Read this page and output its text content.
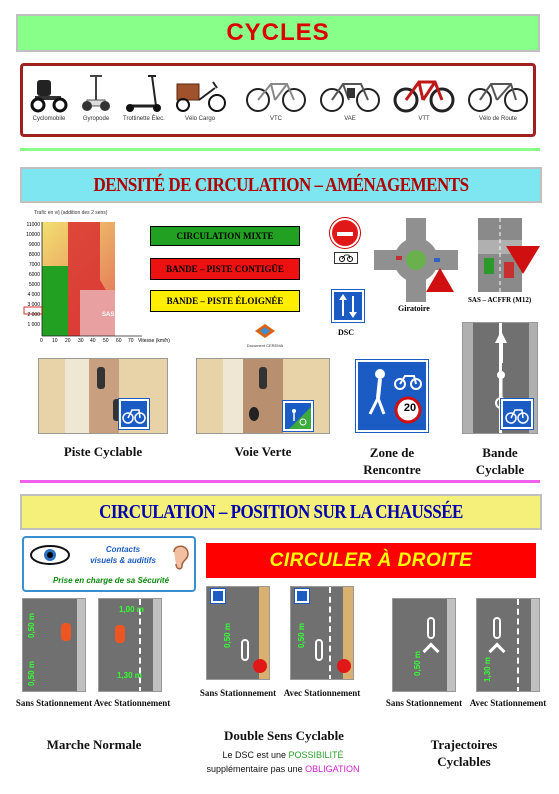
CYCLES
Cyclomobile	Gyropode Trottinette Élec.	Vélo Cargo	VTC	VAE	VTT	Vélo de Route
DENSITÉ DE CIRCULATION – AMÉNAGEMENTS
Trafic en v/j (addition des 2 sens)
11000
10000
9000
8000
7000
6000
5000
4 000
3 000
2 000
1 000
0 10 20 30 40 50 60 70 Vitesse (km/h)
SAS
CIRCULATION MIXTE
BANDE – PISTE CONTIGÜE
BANDE – PISTE ÉLOIGNÉE
Document CEREMA
DSC
Giratoire
SAS – ACFFR (M12)
Piste Cyclable	Voie Verte
20
Zone de Rencontre
Bande Cyclable
CIRCULATION – POSITION SUR LA CHAUSSÉE
Contacts
visuels & auditifs
Prise en charge de sa Sécurité
CIRCULER À DROITE
0,50 m
0,50 m
1,00 m
1,30 m
Sans Stationnement Avec Stationnement
Marche Normale
0,50 m	0,50 m
Sans Stationnement Avec Stationnement
Double Sens Cyclable
Le DSC est une POSSIBILITÉ
supplémentaire pas une OBLIGATION
0,50 m	1,30 m
Sans Stationnement Avec Stationnement
Trajectoires Cyclables
